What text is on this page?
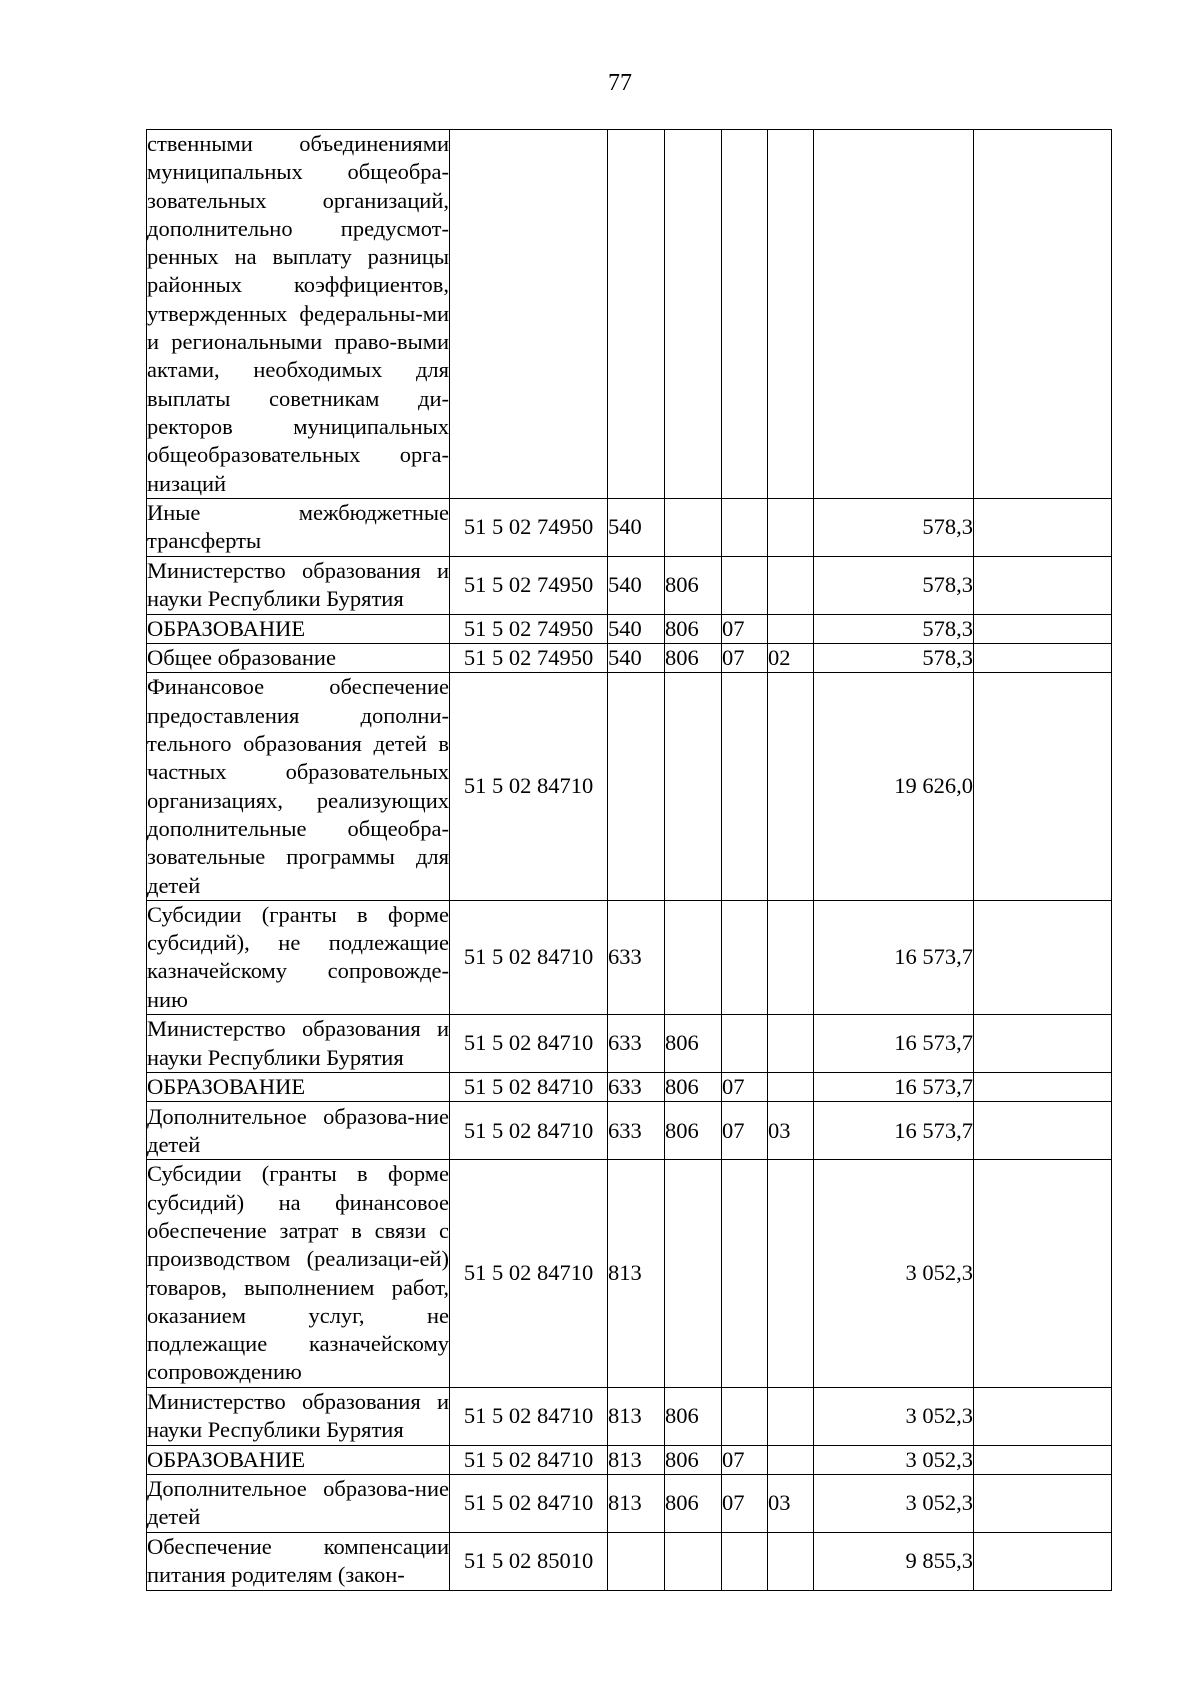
77
ственными объединениями муниципальных общеобра-зовательных организаций, дополнительно предусмот-ренных на выплату разницы районных коэффициентов, утвержденных федеральны-ми и региональными право-выми актами, необходимых для выплаты советникам ди-ректоров муниципальных общеобразовательных орга-низаций							
Иные межбюджетные трансферты	51 5 02 74950	540				578,3	
Министерство образования и науки Республики Бурятия	51 5 02 74950	540	806			578,3	
ОБРАЗОВАНИЕ	51 5 02 74950	540	806	07		578,3	
Общее образование	51 5 02 74950	540	806	07	02	578,3	
Финансовое обеспечение предоставления дополни-тельного образования детей в частных образовательных организациях, реализующих дополнительные общеобра-зовательные программы для детей	51 5 02 84710					19 626,0	
Субсидии (гранты в форме субсидий), не подлежащие казначейскому сопровожде-нию	51 5 02 84710	633				16 573,7	
Министерство образования и науки Республики Бурятия	51 5 02 84710	633	806			16 573,7	
ОБРАЗОВАНИЕ	51 5 02 84710	633	806	07		16 573,7	
Дополнительное образова-ние детей	51 5 02 84710	633	806	07	03	16 573,7	
Субсидии (гранты в форме субсидий) на финансовое обеспечение затрат в связи с производством (реализаци-ей) товаров, выполнением работ, оказанием услуг, не подлежащие казначейскому сопровождению	51 5 02 84710	813				3 052,3	
Министерство образования и науки Республики Бурятия	51 5 02 84710	813	806			3 052,3	
ОБРАЗОВАНИЕ	51 5 02 84710	813	806	07		3 052,3	
Дополнительное образова-ние детей	51 5 02 84710	813	806	07	03	3 052,3	
Обеспечение компенсации питания родителям (закон-	51 5 02 85010					9 855,3	
